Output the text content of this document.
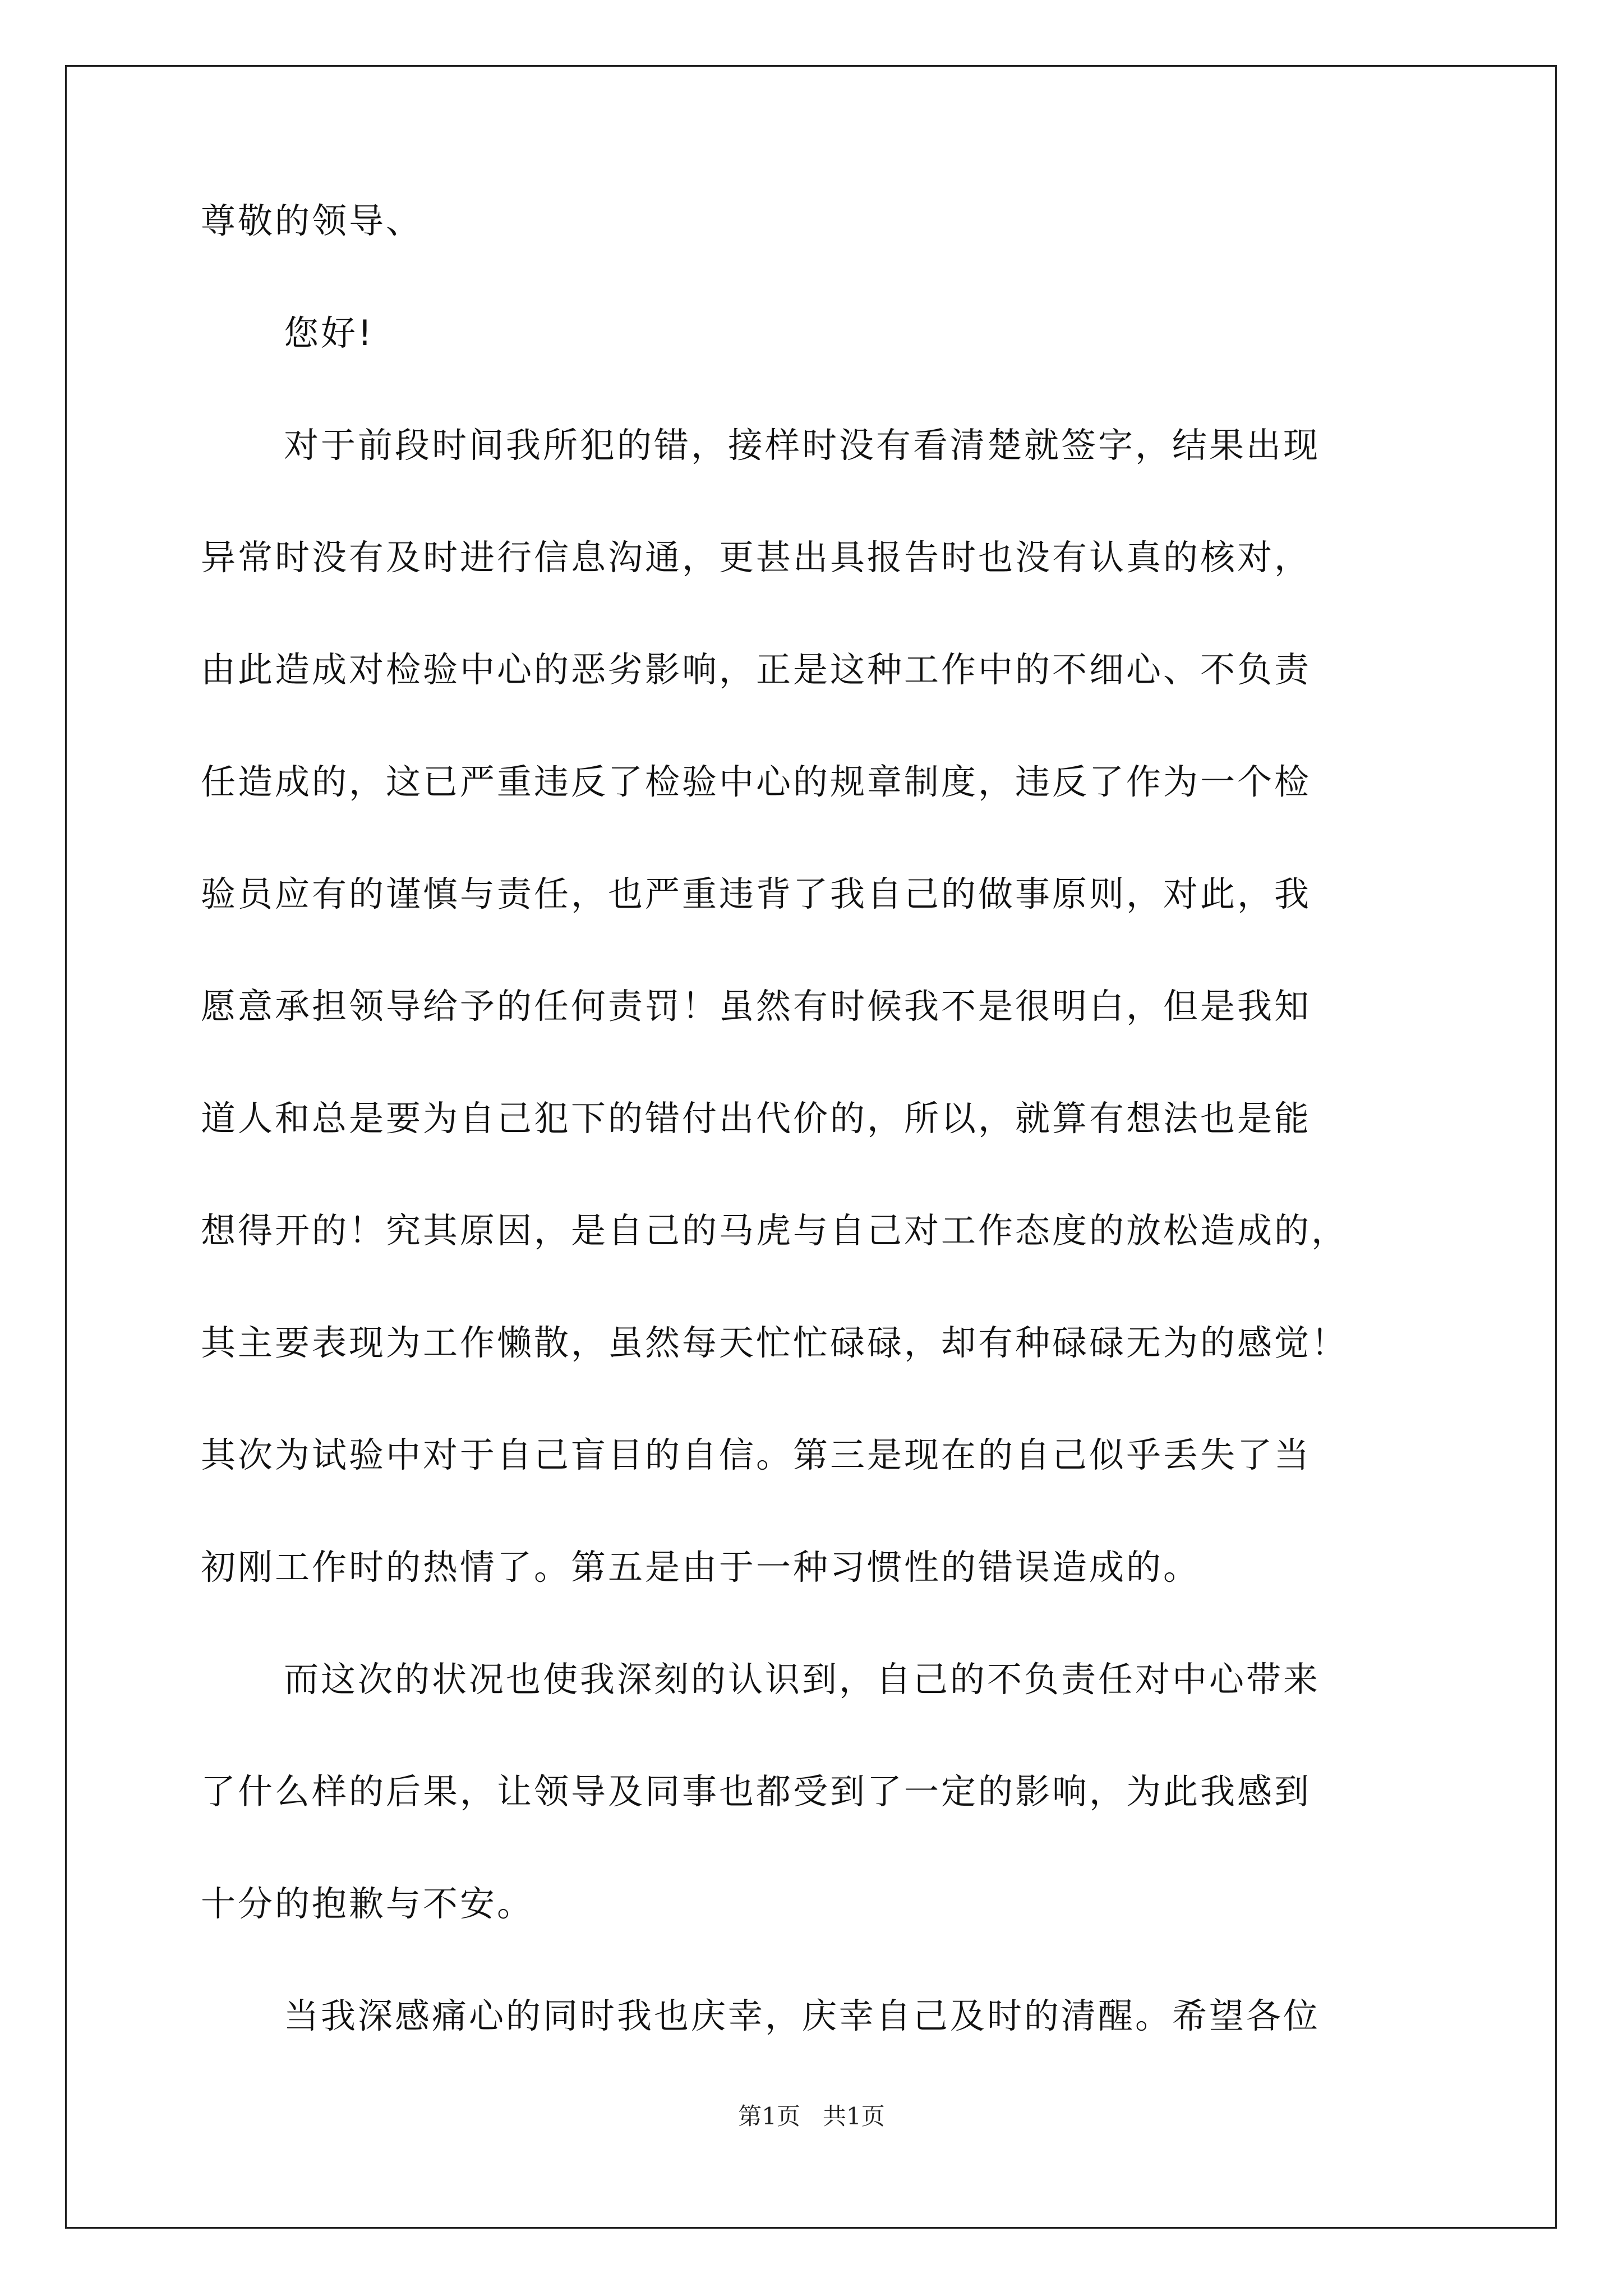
尊敬的领导、
您好!
对于前段时间我所犯的错，接样时没有看清楚就签字，结果出现
异常时没有及时进行信息沟通，更甚出具报告时也没有认真的核对，
由此造成对检验中心的恶劣影响，正是这种工作中的不细心、不负责
任造成的，这已严重违反了检验中心的规章制度，违反了作为一个检
验员应有的谨慎与责任，也严重违背了我自己的做事原则，对此，我
愿意承担领导给予的任何责罚！虽然有时候我不是很明白，但是我知
道人和总是要为自己犯下的错付出代价的，所以，就算有想法也是能
想得开的！究其原因，是自己的马虎与自己对工作态度的放松造成的，
其主要表现为工作懒散，虽然每天忙忙碌碌，却有种碌碌无为的感觉！
其次为试验中对于自己盲目的自信。第三是现在的自己似乎丢失了当
初刚工作时的热情了。第五是由于一种习惯性的错误造成的。
而这次的状况也使我深刻的认识到，自己的不负责任对中心带来
了什么样的后果，让领导及同事也都受到了一定的影响，为此我感到
十分的抱歉与不安。
当我深感痛心的同时我也庆幸，庆幸自己及时的清醒。希望各位
第1页   共1页
